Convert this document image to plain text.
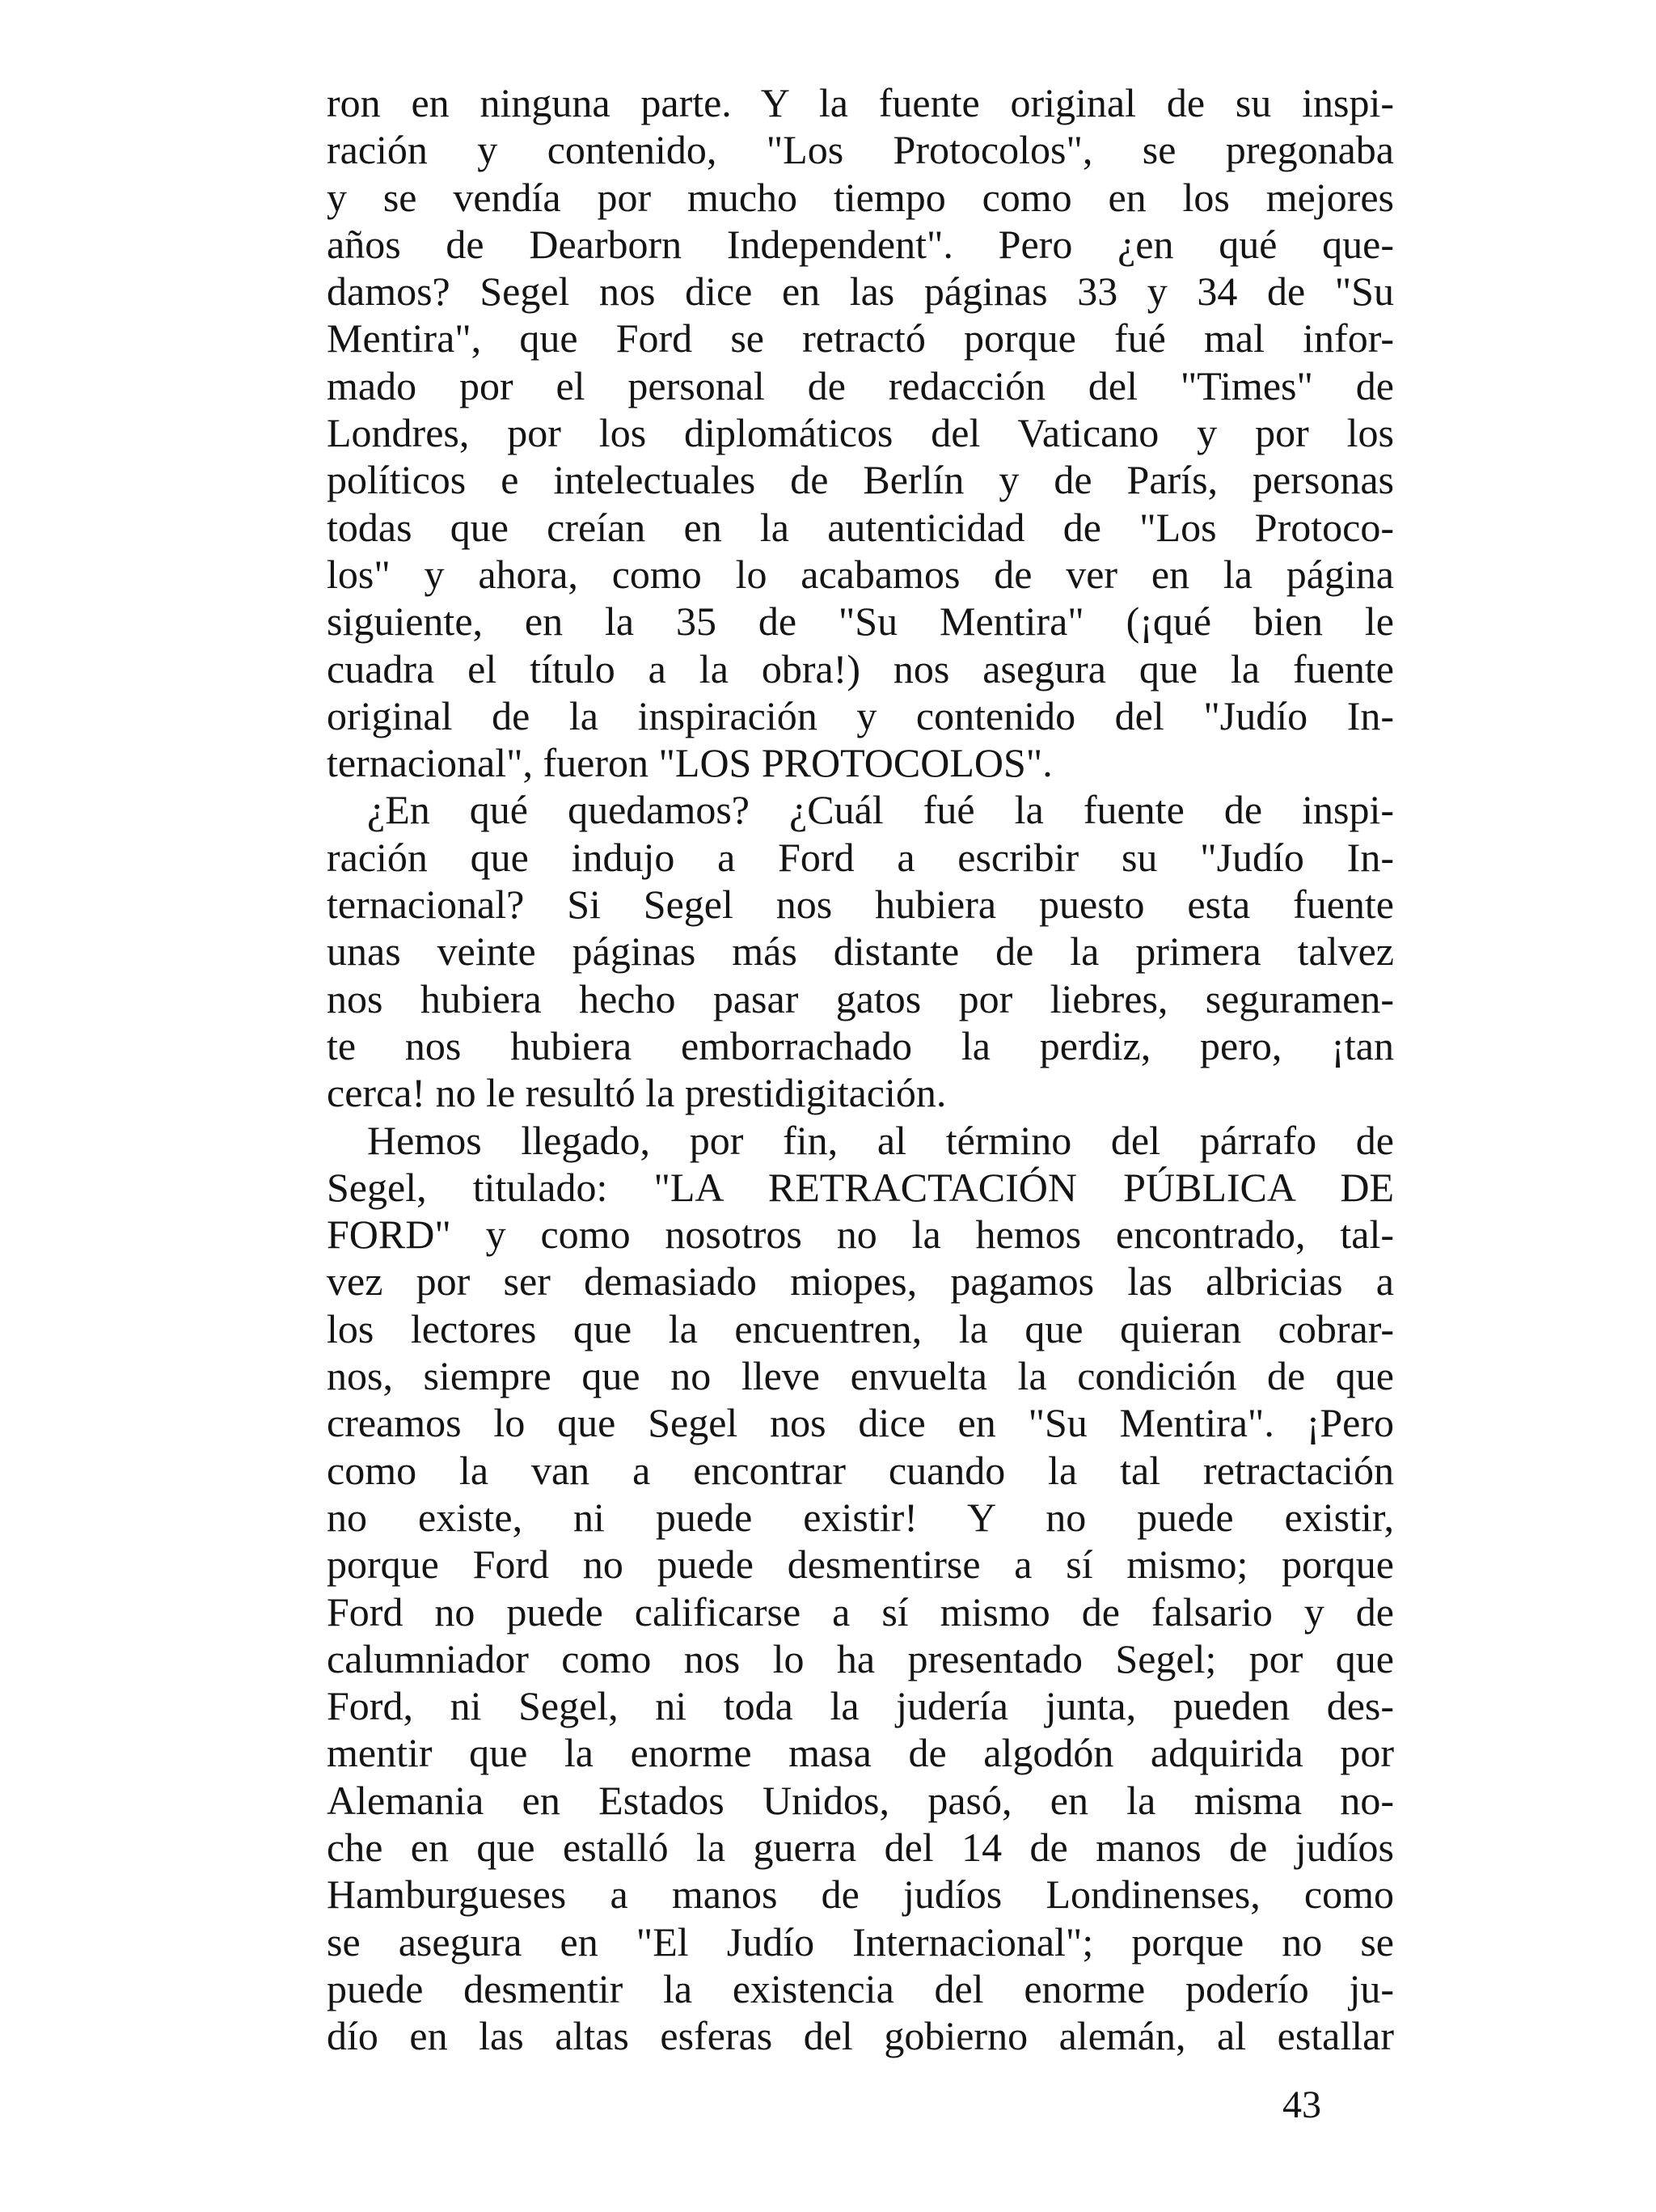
ron en ninguna parte. Y la fuente original de su inspi-
ración y contenido, "Los Protocolos", se pregonaba
y se vendía por mucho tiempo como en los mejores
años de Dearborn Independent". Pero ¿en qué que-
damos? Segel nos dice en las páginas 33 y 34 de "Su
Mentira", que Ford se retractó porque fué mal infor-
mado por el personal de redacción del "Times" de
Londres, por los diplomáticos del Vaticano y por los
políticos e intelectuales de Berlín y de París, personas
todas que creían en la autenticidad de "Los Protoco-
los" y ahora, como lo acabamos de ver en la página
siguiente, en la 35 de "Su Mentira" (¡qué bien le
cuadra el título a la obra!) nos asegura que la fuente
original de la inspiración y contenido del "Judío In-
ternacional", fueron "LOS PROTOCOLOS".
¿En qué quedamos? ¿Cuál fué la fuente de inspi-
ración que indujo a Ford a escribir su "Judío In-
ternacional? Si Segel nos hubiera puesto esta fuente
unas veinte páginas más distante de la primera talvez
nos hubiera hecho pasar gatos por liebres, seguramen-
te nos hubiera emborrachado la perdiz, pero, ¡tan
cerca! no le resultó la prestidigitación.
Hemos llegado, por fin, al término del párrafo de
Segel, titulado: "LA RETRACTACIÓN PÚBLICA DE
FORD" y como nosotros no la hemos encontrado, tal-
vez por ser demasiado miopes, pagamos las albricias a
los lectores que la encuentren, la que quieran cobrar-
nos, siempre que no lleve envuelta la condición de que
creamos lo que Segel nos dice en "Su Mentira". ¡Pero
como la van a encontrar cuando la tal retractación
no existe, ni puede existir! Y no puede existir,
porque Ford no puede desmentirse a sí mismo; porque
Ford no puede calificarse a sí mismo de falsario y de
calumniador como nos lo ha presentado Segel; por que
Ford, ni Segel, ni toda la judería junta, pueden des-
mentir que la enorme masa de algodón adquirida por
Alemania en Estados Unidos, pasó, en la misma no-
che en que estalló la guerra del 14 de manos de judíos
Hamburgueses a manos de judíos Londinenses, como
se asegura en "El Judío Internacional"; porque no se
puede desmentir la existencia del enorme poderío ju-
dío en las altas esferas del gobierno alemán, al estallar
43
